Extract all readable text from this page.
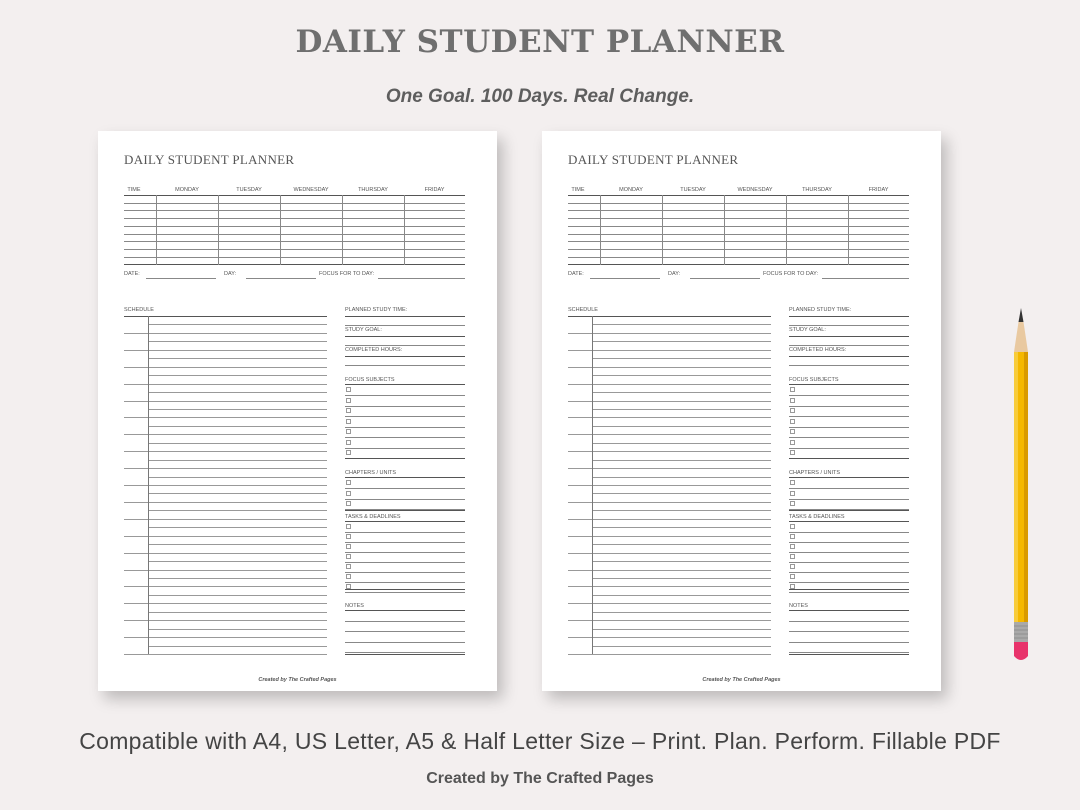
DAILY STUDENT PLANNER
One Goal. 100 Days. Real Change.
DAILY STUDENT PLANNER
TIME	MONDAY	TUESDAY	WEDNESDAY	THURSDAY	FRIDAY
DATE:	DAY:	FOCUS FOR TO DAY:
SCHEDULE	PLANNED STUDY TIME:
STUDY GOAL:
COMPLETED HOURS:
FOCUS SUBJECTS
CHAPTERS / UNITS
TASKS & DEADLINES
NOTES
Created by The Crafted Pages
DAILY STUDENT PLANNER
TIME	MONDAY	TUESDAY	WEDNESDAY	THURSDAY	FRIDAY
DATE:	DAY:	FOCUS FOR TO DAY:
SCHEDULE	PLANNED STUDY TIME:
STUDY GOAL:
COMPLETED HOURS:
FOCUS SUBJECTS
CHAPTERS / UNITS
TASKS & DEADLINES
NOTES
Created by The Crafted Pages
Compatible with A4, US Letter, A5 & Half Letter Size – Print. Plan. Perform. Fillable PDF
Created by The Crafted Pages
